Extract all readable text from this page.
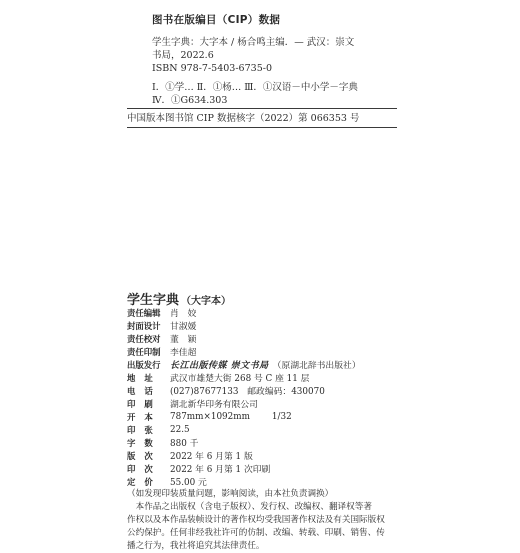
图书在版编目（CIP）数据
学生字典：大字本 / 杨合鸣主编．— 武汉：崇文
书局，2022.6
ISBN 978-7-5403-6735-0
Ⅰ．①学… Ⅱ．①杨… Ⅲ．①汉语－中小学－字典
Ⅳ．①G634.303
中国版本图书馆 CIP 数据核字（2022）第 066353 号
学生字典 （大字本）
责任编辑	肖　姣
封面设计	甘淑媛
责任校对	董　颖
责任印制	李佳超
出版发行	长江出版传媒 崇文书局 （原湖北辞书出版社）
地址 武汉市雄楚大街 268 号 C 座 11 层
电话 (027)87677133　邮政编码：430070
印刷 湖北新华印务有限公司
开本 787mm×1092mm	1/32
印张 22.5
字数 880 千
版次 2022 年 6 月第 1 版
印次 2022 年 6 月第 1 次印刷
定价 55.00 元
（如发现印装质量问题，影响阅读，由本社负责调换）
　本作品之出版权（含电子版权）、发行权、改编权、翻译权等著
作权以及本作品装帧设计的著作权均受我国著作权法及有关国际版权
公约保护。任何非经我社许可的仿制、改编、转载、印刷、销售、传
播之行为，我社将追究其法律责任。
